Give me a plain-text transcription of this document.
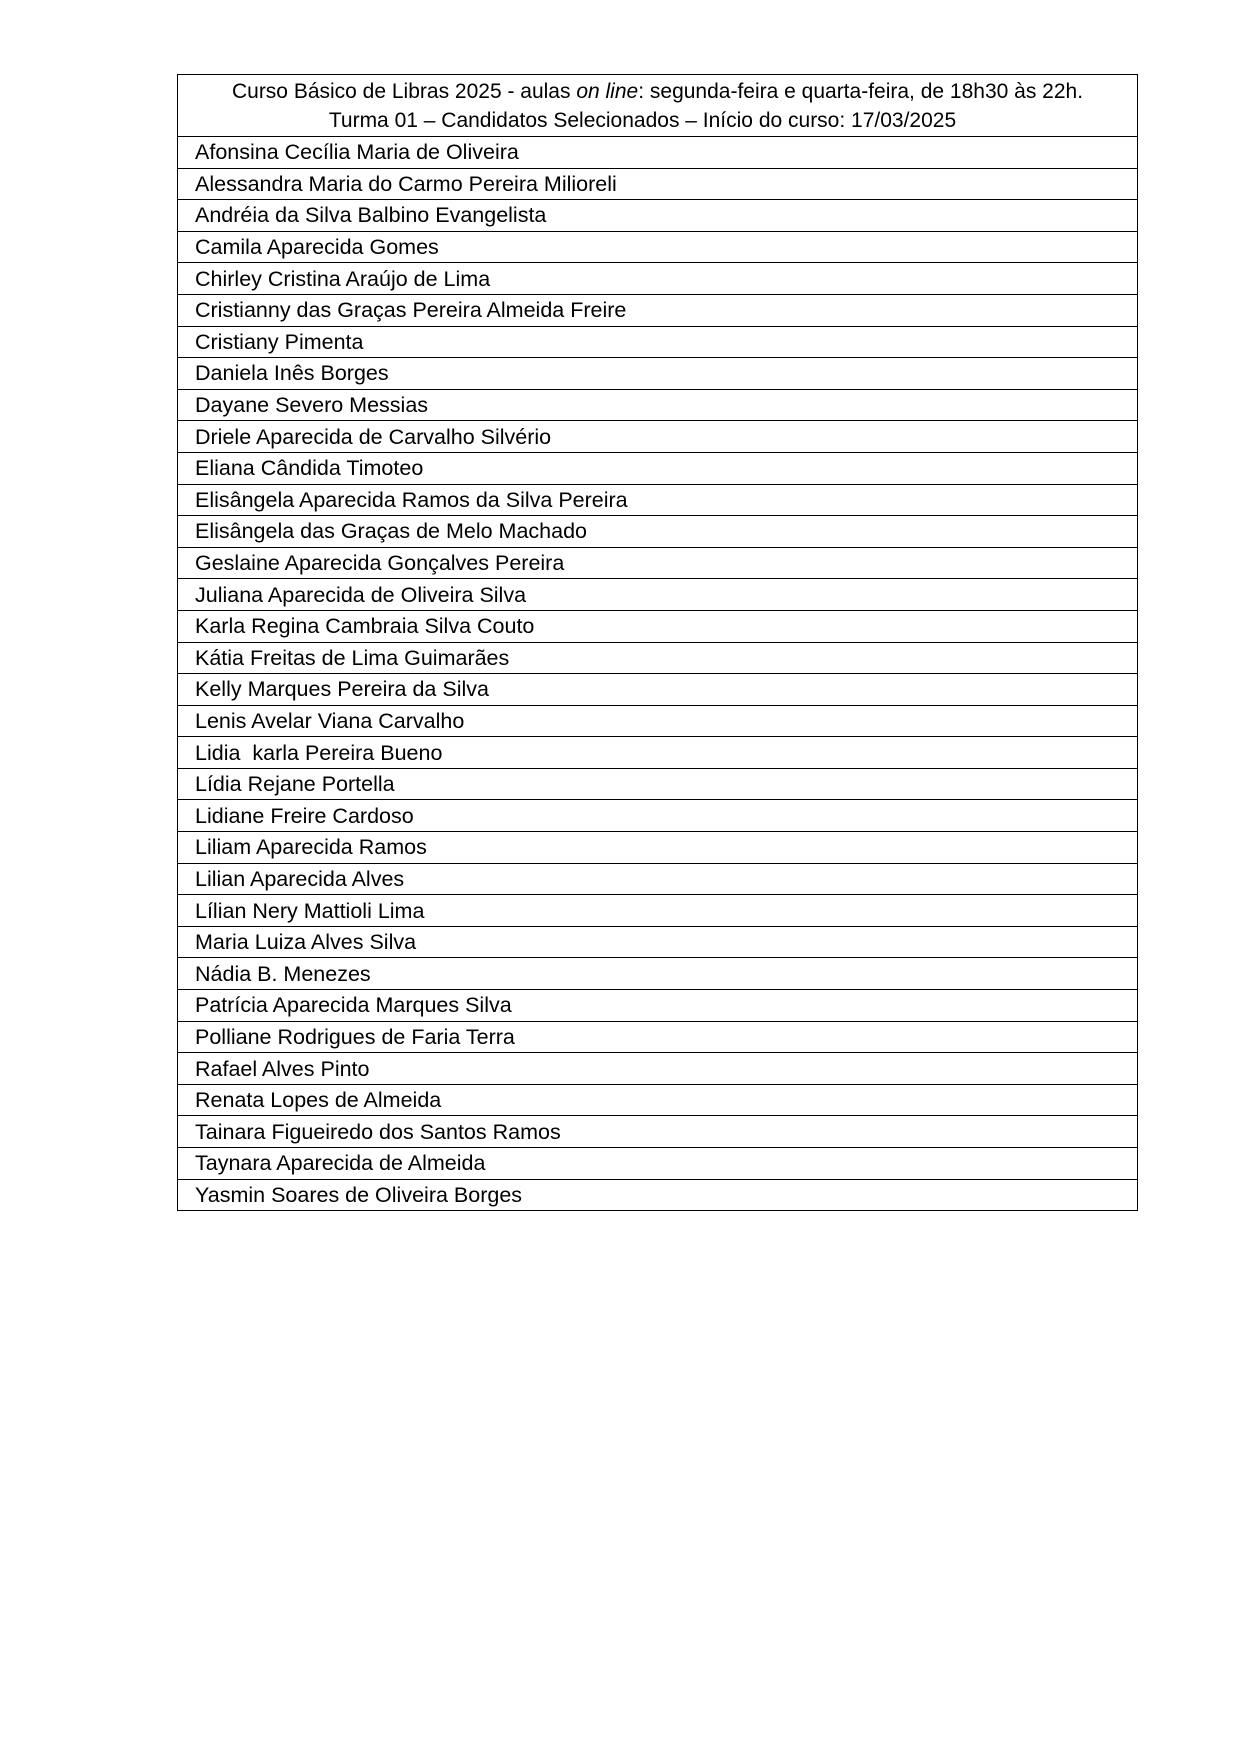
Curso Básico de Libras 2025 - aulas on line: segunda-feira e quarta-feira, de 18h30 às 22h.
Turma 01 – Candidatos Selecionados – Início do curso: 17/03/2025

Afonsina Cecília Maria de Oliveira
Alessandra Maria do Carmo Pereira Milioreli
Andréia da Silva Balbino Evangelista
Camila Aparecida Gomes
Chirley Cristina Araújo de Lima
Cristianny das Graças Pereira Almeida Freire
Cristiany Pimenta
Daniela Inês Borges
Dayane Severo Messias
Driele Aparecida de Carvalho Silvério
Eliana Cândida Timoteo
Elisângela Aparecida Ramos da Silva Pereira
Elisângela das Graças de Melo Machado
Geslaine Aparecida Gonçalves Pereira
Juliana Aparecida de Oliveira Silva
Karla Regina Cambraia Silva Couto
Kátia Freitas de Lima Guimarães
Kelly Marques Pereira da Silva
Lenis Avelar Viana Carvalho
Lidia  karla Pereira Bueno
Lídia Rejane Portella
Lidiane Freire Cardoso
Liliam Aparecida Ramos
Lilian Aparecida Alves
Lílian Nery Mattioli Lima
Maria Luiza Alves Silva
Nádia B. Menezes
Patrícia Aparecida Marques Silva
Polliane Rodrigues de Faria Terra
Rafael Alves Pinto
Renata Lopes de Almeida
Tainara Figueiredo dos Santos Ramos
Taynara Aparecida de Almeida
Yasmin Soares de Oliveira Borges
